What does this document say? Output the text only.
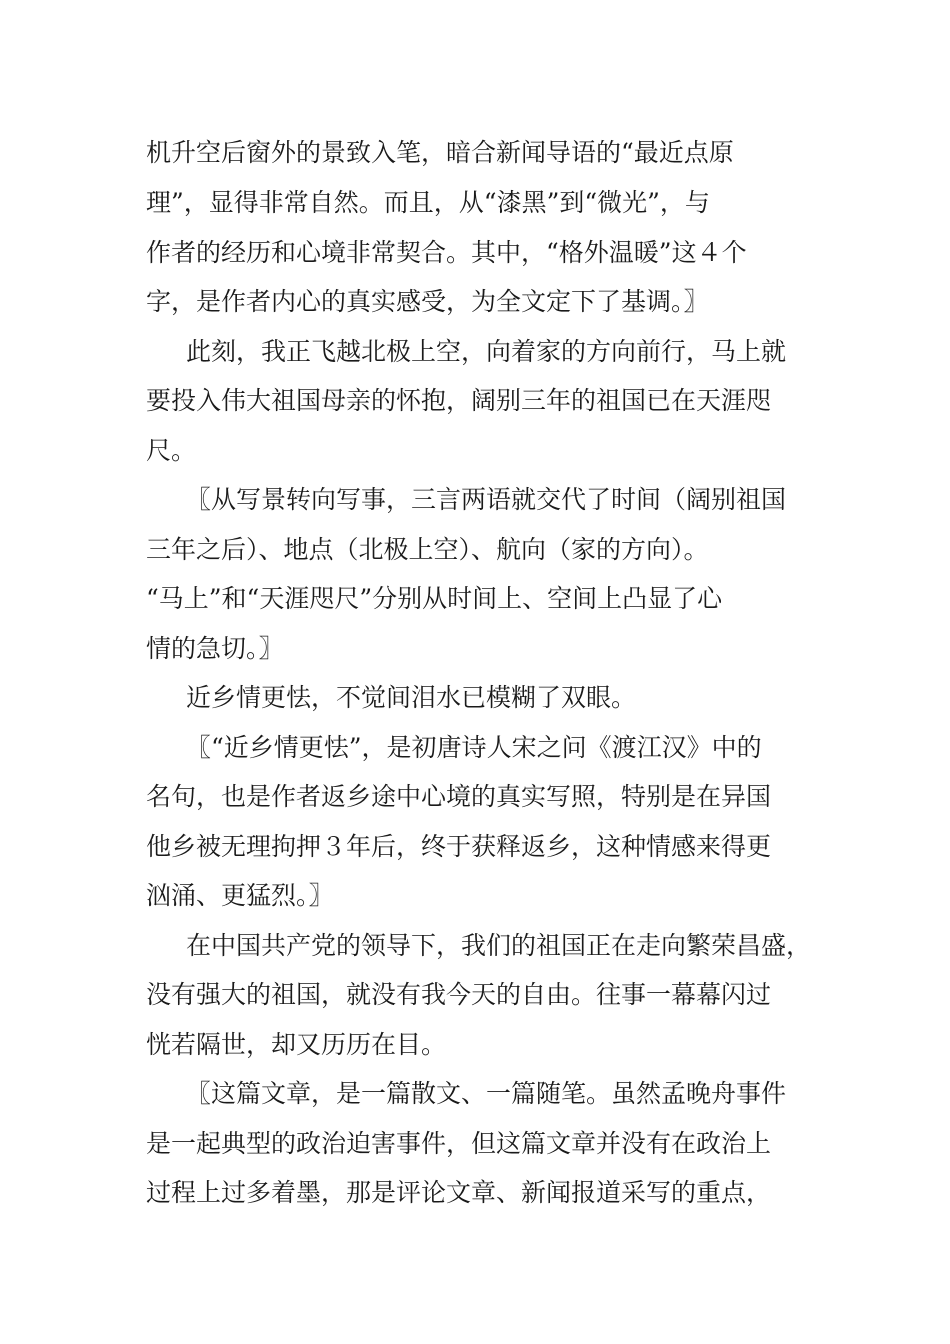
机升空后窗外的景致入笔，暗合新闻导语的“最近点原
理”，显得非常自然。而且，从“漆黑”到“微光”，与
作者的经历和心境非常契合。其中，“格外温暖”这４个
字，是作者内心的真实感受，为全文定下了基调。〗
此刻，我正飞越北极上空，向着家的方向前行，马上就
要投入伟大祖国母亲的怀抱，阔别三年的祖国已在天涯咫
尺。
〖从写景转向写事，三言两语就交代了时间（阔别祖国
三年之后）、地点（北极上空）、航向（家的方向）。
“马上”和“天涯咫尺”分别从时间上、空间上凸显了心
情的急切。〗
近乡情更怯，不觉间泪水已模糊了双眼。
〖“近乡情更怯”，是初唐诗人宋之问《渡江汉》中的
名句，也是作者返乡途中心境的真实写照，特别是在异国
他乡被无理拘押３年后，终于获释返乡，这种情感来得更
汹涌、更猛烈。〗
在中国共产党的领导下，我们的祖国正在走向繁荣昌盛，
没有强大的祖国，就没有我今天的自由。往事一幕幕闪过
恍若隔世，却又历历在目。
〖这篇文章，是一篇散文、一篇随笔。虽然孟晚舟事件
是一起典型的政治迫害事件，但这篇文章并没有在政治上
过程上过多着墨，那是评论文章、新闻报道采写的重点，
